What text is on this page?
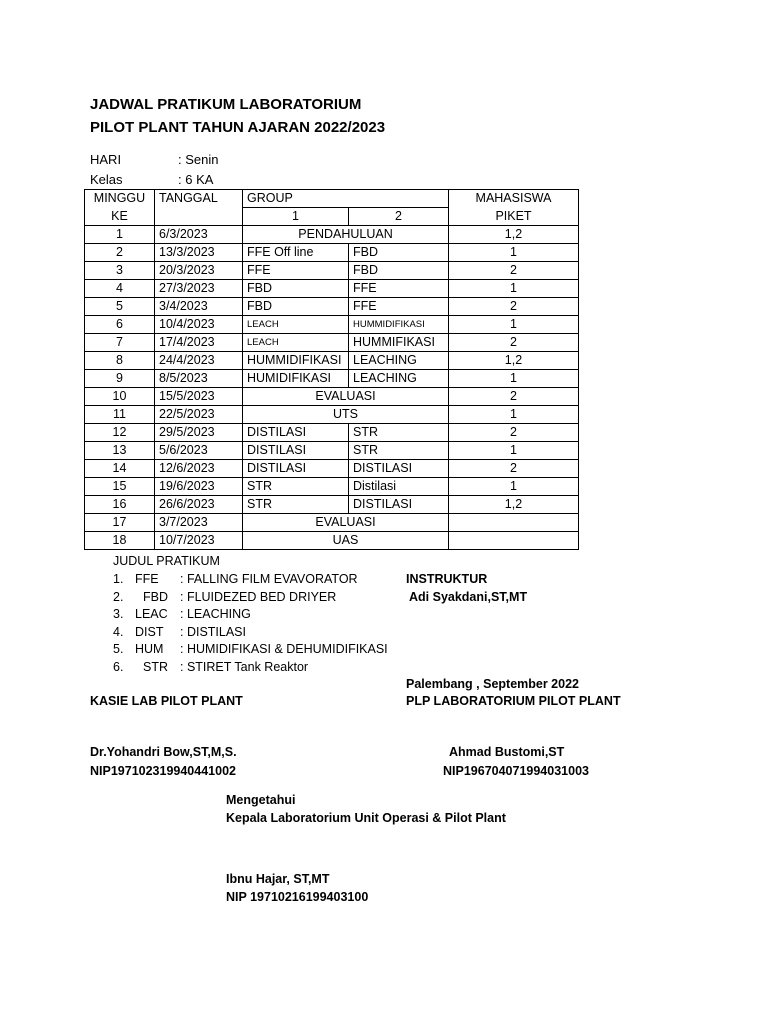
JADWAL PRATIKUM LABORATORIUM
PILOT PLANT TAHUN AJARAN 2022/2023
HARI	: Senin
Kelas	: 6 KA
MINGGU	TANGGAL	GROUP		MAHASISWA
KE		1	2	PIKET
1	6/3/2023	PENDAHULUAN		1,2
2	13/3/2023	FFE Off line	FBD	1
3	20/3/2023	FFE	FBD	2
4	27/3/2023	FBD	FFE	1
5	3/4/2023	FBD	FFE	2
6	10/4/2023	LEACH	HUMMIDIFIKASI	1
7	17/4/2023	LEACH	HUMMIFIKASI	2
8	24/4/2023	HUMMIDIFIKASI	LEACHING	1,2
9	8/5/2023	HUMIDIFIKASI	LEACHING	1
10	15/5/2023	EVALUASI		2
11	22/5/2023	UTS		1
12	29/5/2023	DISTILASI	STR	2
13	5/6/2023	DISTILASI	STR	1
14	12/6/2023	DISTILASI	DISTILASI	2
15	19/6/2023	STR	Distilasi	1
16	26/6/2023	STR	DISTILASI	1,2
17	3/7/2023	EVALUASI		
18	10/7/2023	UAS		
JUDUL PRATIKUM
1. FFE : FALLING FILM EVAVORATOR
2. FBD : FLUIDEZED BED DRIYER
3. LEAC : LEACHING
4. DIST : DISTILASI
5. HUM : HUMIDIFIKASI & DEHUMIDIFIKASI
6. STR : STIRET Tank Reaktor
INSTRUKTUR
Adi Syakdani,ST,MT
Palembang , September 2022
KASIE LAB PILOT PLANT	PLP LABORATORIUM PILOT PLANT
Dr.Yohandri Bow,ST,M,S.
NIP197102319940441002
Ahmad Bustomi,ST
NIP196704071994031003
Mengetahui
Kepala Laboratorium Unit Operasi & Pilot Plant
Ibnu Hajar, ST,MT
NIP 19710216199403100
